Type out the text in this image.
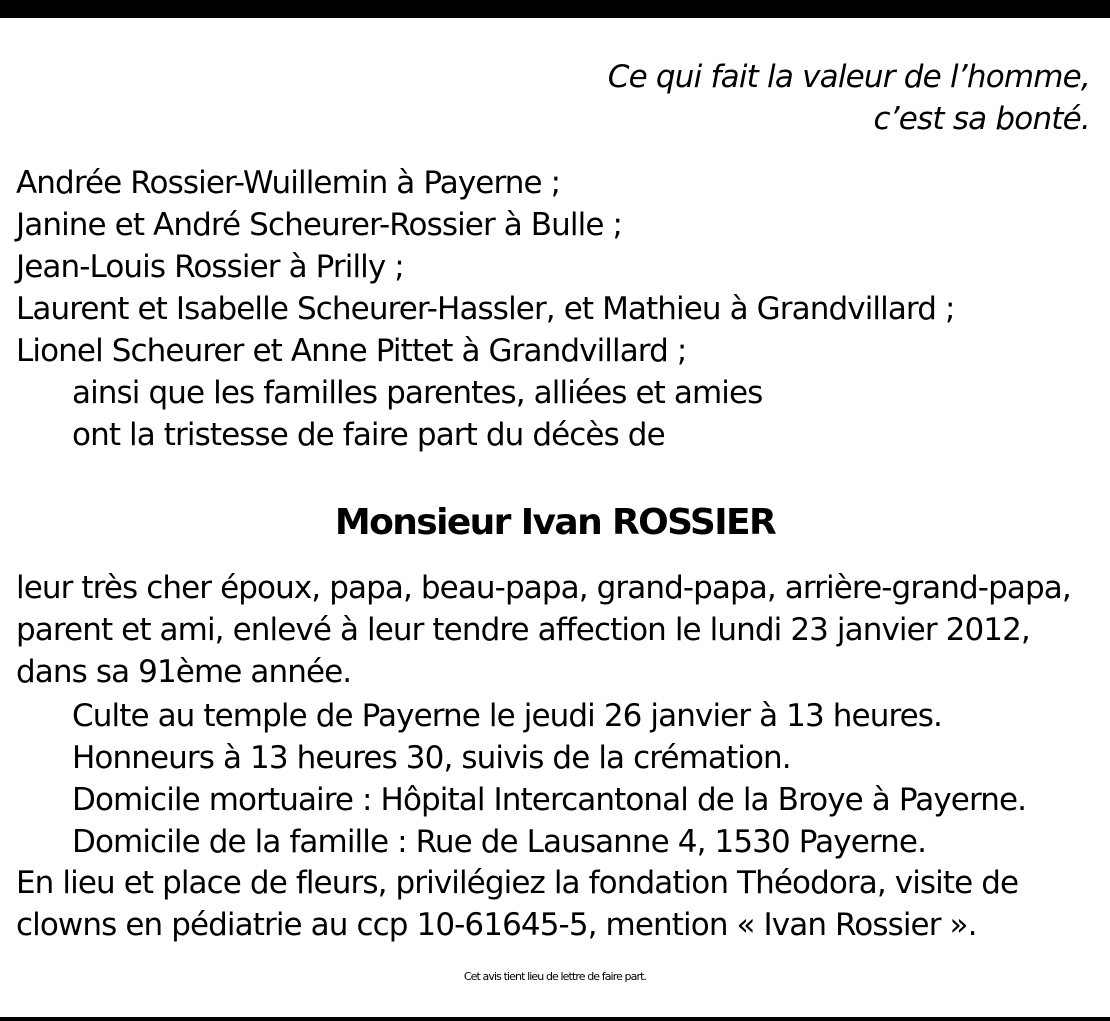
Ce qui fait la valeur de l’homme,
c’est sa bonté.
Andrée Rossier-Wuillemin à Payerne ;
Janine et André Scheurer-Rossier à Bulle ;
Jean-Louis Rossier à Prilly ;
Laurent et Isabelle Scheurer-Hassler, et Mathieu à Grandvillard ;
Lionel Scheurer et Anne Pittet à Grandvillard ;
ainsi que les familles parentes, alliées et amies
ont la tristesse de faire part du décès de
Monsieur Ivan ROSSIER
leur très cher époux, papa, beau-papa, grand-papa, arrière-grand-papa,
parent et ami, enlevé à leur tendre affection le lundi 23 janvier 2012,
dans sa 91ème année.
Culte au temple de Payerne le jeudi 26 janvier à 13 heures.
Honneurs à 13 heures 30, suivis de la crémation.
Domicile mortuaire : Hôpital Intercantonal de la Broye à Payerne.
Domicile de la famille : Rue de Lausanne 4, 1530 Payerne.
En lieu et place de fleurs, privilégiez la fondation Théodora, visite de
clowns en pédiatrie au ccp 10-61645-5, mention « Ivan Rossier ».
Cet avis tient lieu de lettre de faire part.
